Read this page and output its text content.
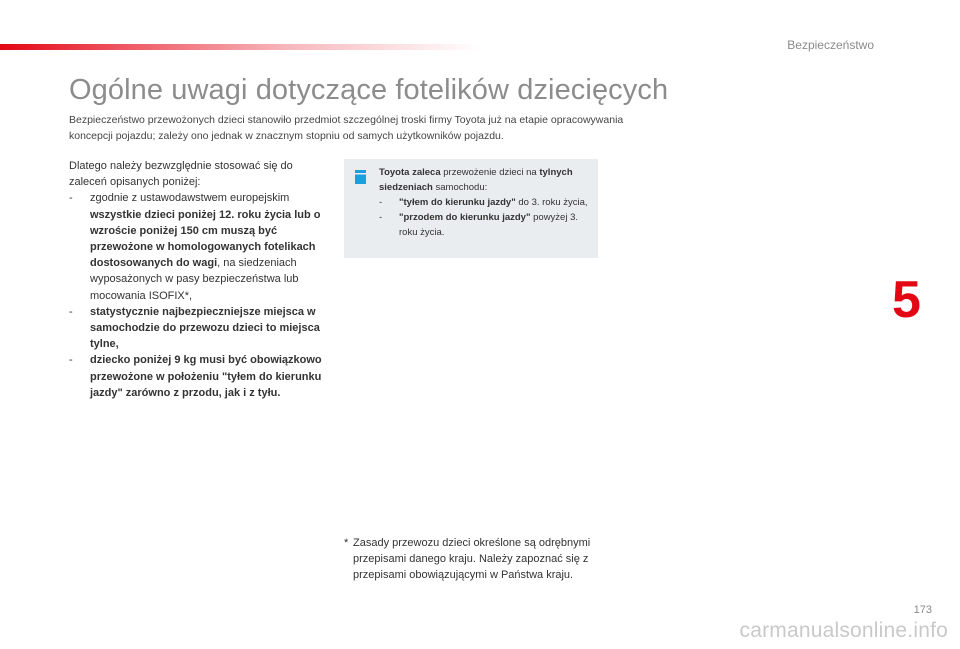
Bezpieczeństwo
Ogólne uwagi dotyczące fotelików dziecięcych
Bezpieczeństwo przewożonych dzieci stanowiło przedmiot szczególnej troski firmy Toyota już na etapie opracowywania koncepcji pojazdu; zależy ono jednak w znacznym stopniu od samych użytkowników pojazdu.

Dlatego należy bezwzględnie stosować się do zaleceń opisanych poniżej:

- zgodnie z ustawodawstwem europejskim wszystkie dzieci poniżej 12. roku życia lub o wzroście poniżej 150 cm muszą być przewożone w homologowanych fotelikach dostosowanych do wagi, na siedzeniach wyposażonych w pasy bezpieczeństwa lub mocowania ISOFIX*,
- statystycznie najbezpieczniejsze miejsca w samochodzie do przewozu dzieci to miejsca tylne,
- dziecko poniżej 9 kg musi być obowiązkowo przewożone w położeniu "tyłem do kierunku jazdy" zarówno z przodu, jak i z tyłu.

Toyota zaleca przewożenie dzieci na tylnych siedzeniach samochodu:

- "tyłem do kierunku jazdy" do 3. roku życia,
- "przodem do kierunku jazdy" powyżej 3. roku życia.
* Zasady przewozu dzieci określone są odrębnymi przepisami danego kraju. Należy zapoznać się z przepisami obowiązującymi w Państwa kraju.

5
173
carmanualsonline.info
